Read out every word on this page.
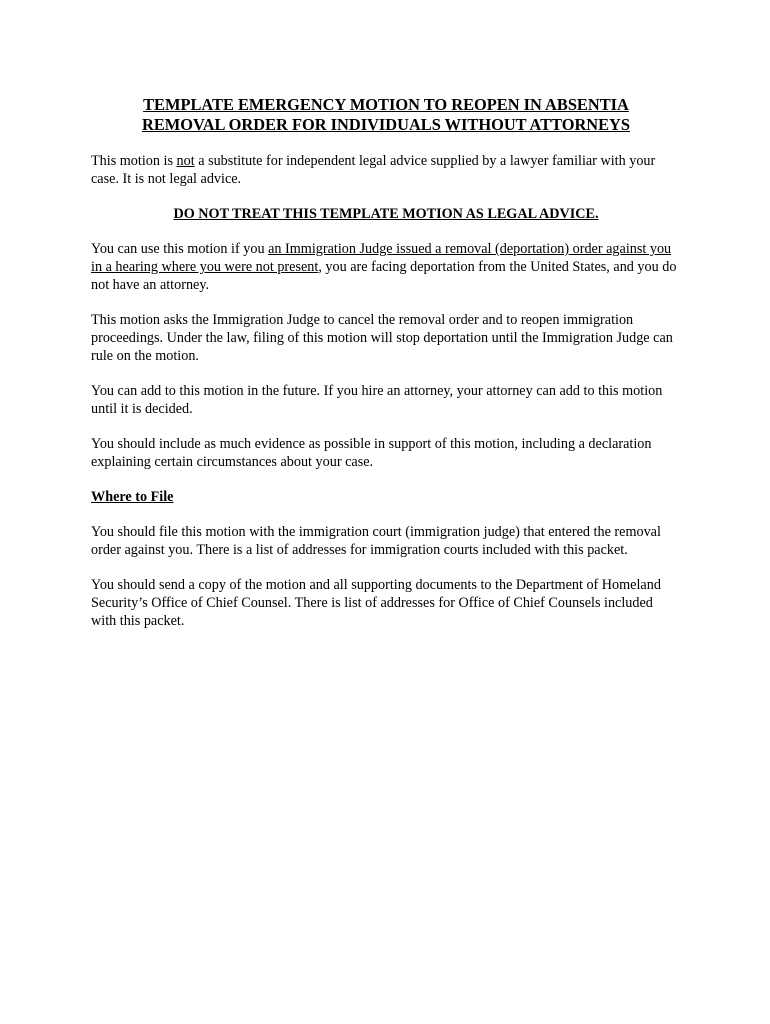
TEMPLATE EMERGENCY MOTION TO REOPEN IN ABSENTIA
REMOVAL ORDER FOR INDIVIDUALS WITHOUT ATTORNEYS

This motion is not a substitute for independent legal advice supplied by a lawyer familiar with your case. It is not legal advice.

DO NOT TREAT THIS TEMPLATE MOTION AS LEGAL ADVICE.

You can use this motion if you an Immigration Judge issued a removal (deportation) order against you in a hearing where you were not present, you are facing deportation from the United States, and you do not have an attorney.

This motion asks the Immigration Judge to cancel the removal order and to reopen immigration proceedings. Under the law, filing of this motion will stop deportation until the Immigration Judge can rule on the motion.

You can add to this motion in the future. If you hire an attorney, your attorney can add to this motion until it is decided.

You should include as much evidence as possible in support of this motion, including a declaration explaining certain circumstances about your case.

Where to File

You should file this motion with the immigration court (immigration judge) that entered the removal order against you. There is a list of addresses for immigration courts included with this packet.

You should send a copy of the motion and all supporting documents to the Department of Homeland Security’s Office of Chief Counsel. There is list of addresses for Office of Chief Counsels included with this packet.
